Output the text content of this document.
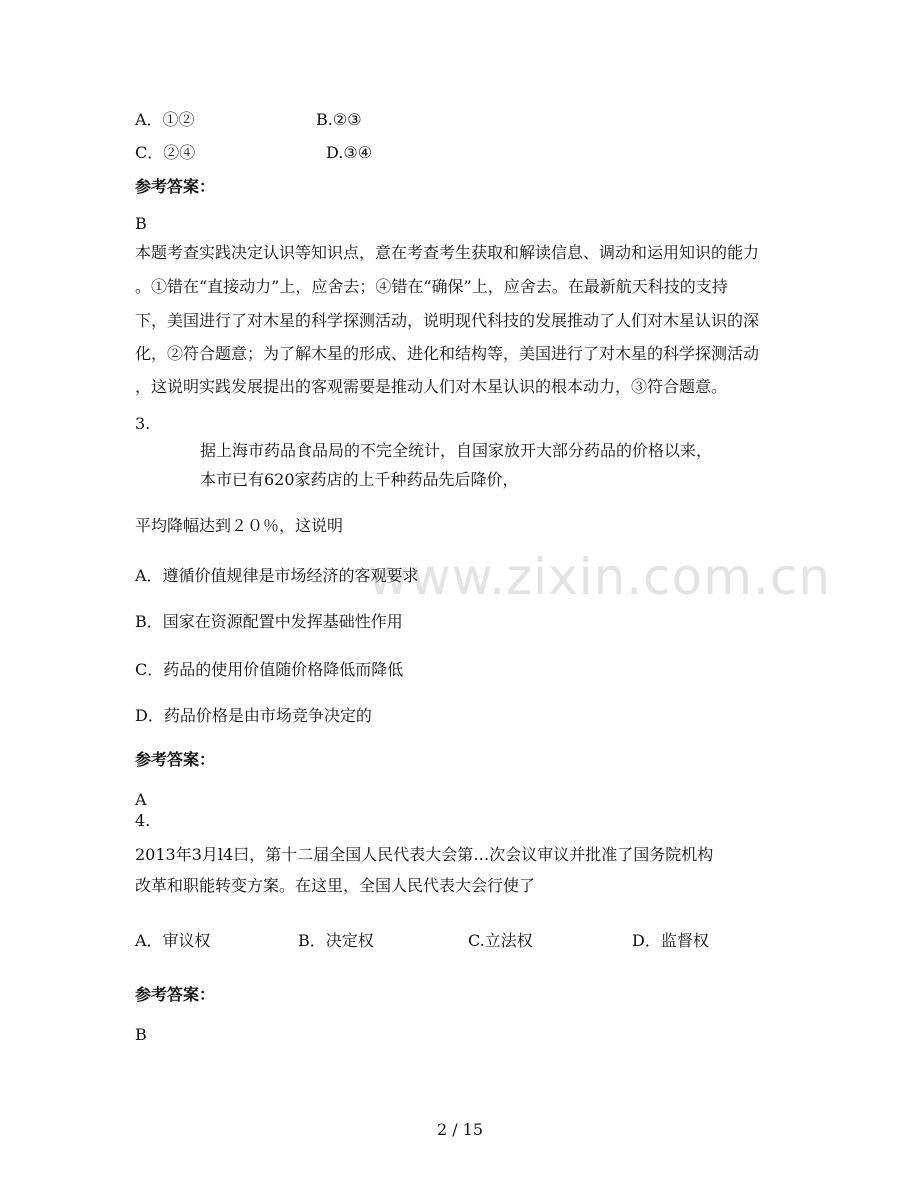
www.zixin.com.cn
A．①②	B.②③
C．②④	D.③④
参考答案：
B
本题考查实践决定认识等知识点，意在考查考生获取和解读信息、调动和运用知识的能力
。①错在“直接动力”上，应舍去；④错在“确保”上，应舍去。在最新航天科技的支持
下，美国进行了对木星的科学探测活动，说明现代科技的发展推动了人们对木星认识的深
化，②符合题意；为了解木星的形成、进化和结构等，美国进行了对木星的科学探测活动
，这说明实践发展提出的客观需要是推动人们对木星认识的根本动力，③符合题意。
3.
据上海市药品食品局的不完全统计，自国家放开大部分药品的价格以来，
本市已有620家药店的上千种药品先后降价，
平均降幅达到２０％，这说明
A．遵循价值规律是市场经济的客观要求
B．国家在资源配置中发挥基础性作用
C．药品的使用价值随价格降低而降低
D．药品价格是由市场竞争决定的
参考答案：
A
4.
2013年3月l4曰，第十二届全国人民代表大会第…次会议审议并批准了国务院机构
改革和职能转变方案。在这里，全国人民代表大会行使了
A．审议权	B．决定权	C.立法权	D．监督权
参考答案：
B
2 / 15
